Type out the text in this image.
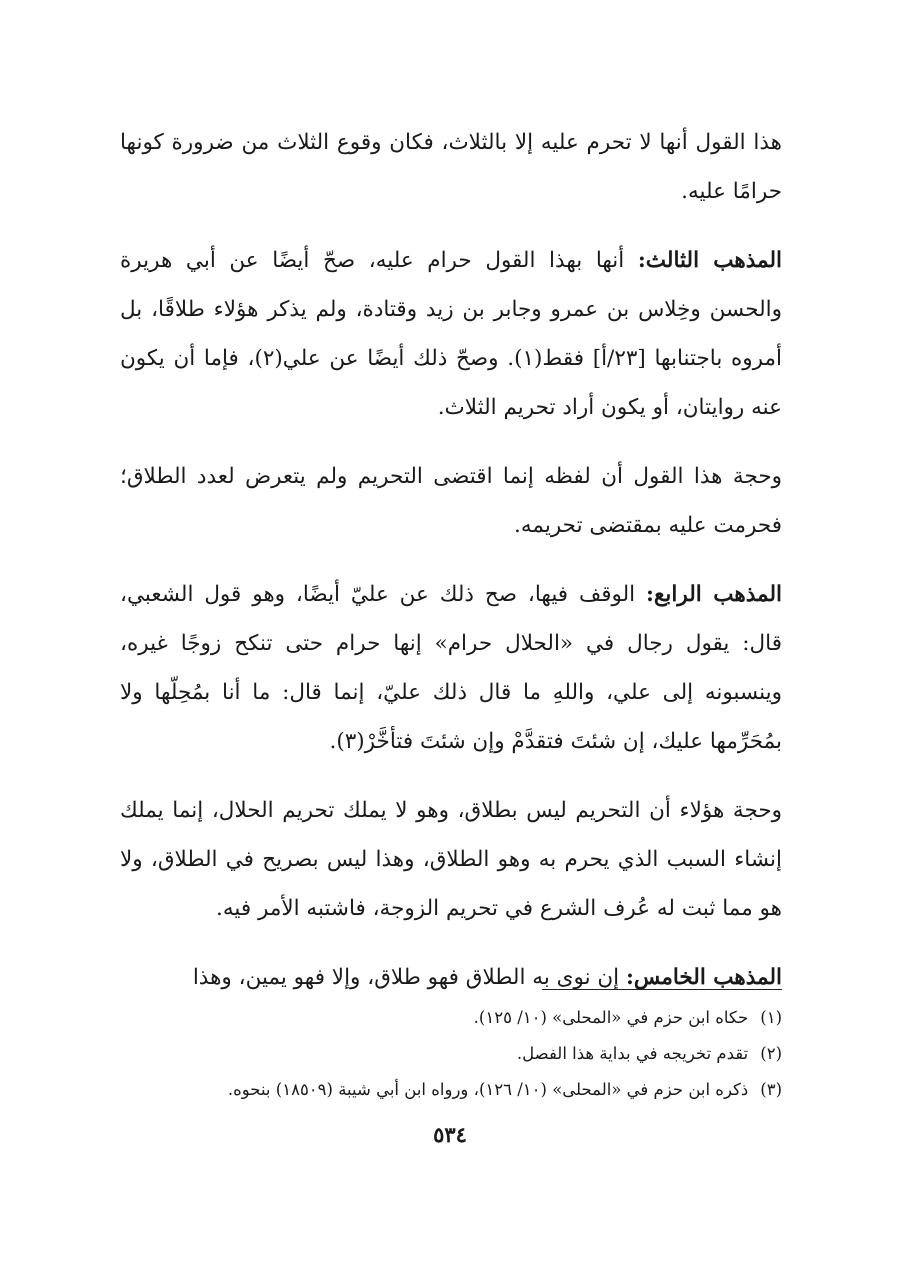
هذا القول أنها لا تحرم عليه إلا بالثلاث، فكان وقوع الثلاث من ضرورة كونها حرامًا عليه.

المذهب الثالث: أنها بهذا القول حرام عليه، صحّ أيضًا عن أبي هريرة والحسن وخِلاس بن عمرو وجابر بن زيد وقتادة، ولم يذكر هؤلاء طلاقًا، بل أمروه باجتنابها [٢٣/أ] فقط(١). وصحّ ذلك أيضًا عن علي(٢)، فإما أن يكون عنه روايتان، أو يكون أراد تحريم الثلاث.

وحجة هذا القول أن لفظه إنما اقتضى التحريم ولم يتعرض لعدد الطلاق؛ فحرمت عليه بمقتضى تحريمه.

المذهب الرابع: الوقف فيها، صح ذلك عن عليّ أيضًا، وهو قول الشعبي، قال: يقول رجال في «الحلال حرام» إنها حرام حتى تنكح زوجًا غيره، وينسبونه إلى علي، واللهِ ما قال ذلك عليّ، إنما قال: ما أنا بمُحِلّها ولا بمُحَرِّمها عليك، إن شئتَ فتقدَّمْ وإن شئتَ فتأخَّرْ(٣).

وحجة هؤلاء أن التحريم ليس بطلاق، وهو لا يملك تحريم الحلال، إنما يملك إنشاء السبب الذي يحرم به وهو الطلاق، وهذا ليس بصريح في الطلاق، ولا هو مما ثبت له عُرف الشرع في تحريم الزوجة، فاشتبه الأمر فيه.

المذهب الخامس: إن نوى به الطلاق فهو طلاق، وإلا فهو يمين، وهذا

(١)حكاه ابن حزم في «المحلى» (١٠/ ١٢٥).
(٢)تقدم تخريجه في بداية هذا الفصل.
(٣)ذكره ابن حزم في «المحلى» (١٠/ ١٢٦)، ورواه ابن أبي شيبة (١٨٥٠٩) بنحوه.
٥٣٤
